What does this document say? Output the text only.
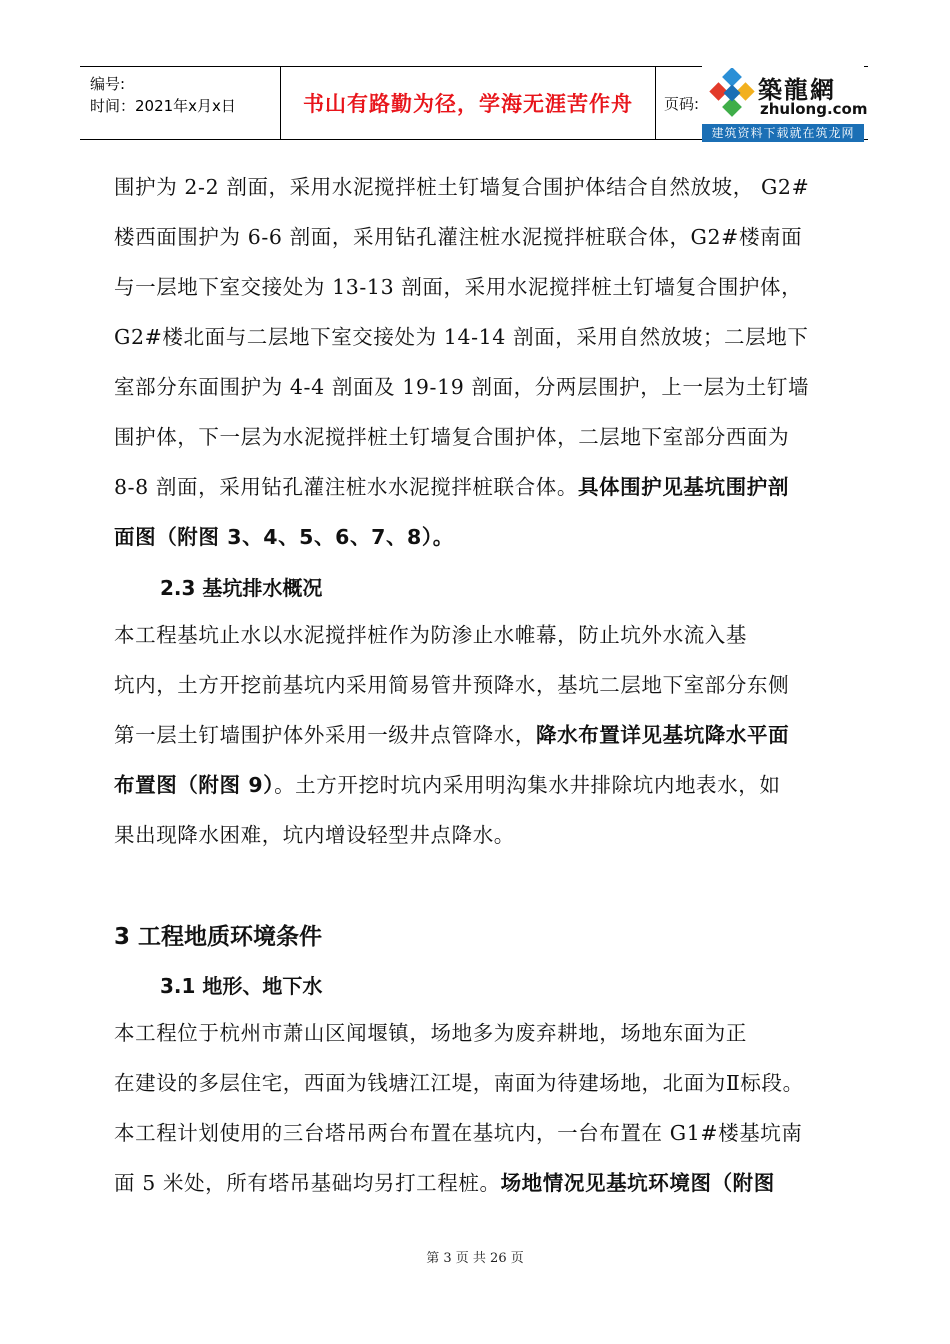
编号:
时间：2021年x月x日	书山有路勤为径，学海无涯苦作舟 页码: 築龍網
zhulong.com
建筑资料下载就在筑龙网
围护为 2-2 剖面，采用水泥搅拌桩土钉墙复合围护体结合自然放坡， G2#
楼西面围护为 6-6 剖面，采用钻孔灌注桩水泥搅拌桩联合体，G2#楼南面
与一层地下室交接处为 13-13 剖面，采用水泥搅拌桩土钉墙复合围护体，
G2#楼北面与二层地下室交接处为 14-14 剖面，采用自然放坡；二层地下
室部分东面围护为 4-4 剖面及 19-19 剖面，分两层围护，上一层为土钉墙
围护体，下一层为水泥搅拌桩土钉墙复合围护体，二层地下室部分西面为
8-8 剖面，采用钻孔灌注桩水水泥搅拌桩联合体。具体围护见基坑围护剖
面图（附图 3、4、5、6、7、8）。
2.3 基坑排水概况
本工程基坑止水以水泥搅拌桩作为防渗止水帷幕，防止坑外水流入基
坑内，土方开挖前基坑内采用简易管井预降水，基坑二层地下室部分东侧
第一层土钉墙围护体外采用一级井点管降水，降水布置详见基坑降水平面
布置图（附图 9）。土方开挖时坑内采用明沟集水井排除坑内地表水，如
果出现降水困难，坑内增设轻型井点降水。
3 工程地质环境条件
3.1 地形、地下水
本工程位于杭州市萧山区闻堰镇，场地多为废弃耕地，场地东面为正
在建设的多层住宅，西面为钱塘江江堤，南面为待建场地，北面为Ⅱ标段。
本工程计划使用的三台塔吊两台布置在基坑内，一台布置在 G1#楼基坑南
面 5 米处，所有塔吊基础均另打工程桩。场地情况见基坑环境图（附图
第 3 页 共 26 页
